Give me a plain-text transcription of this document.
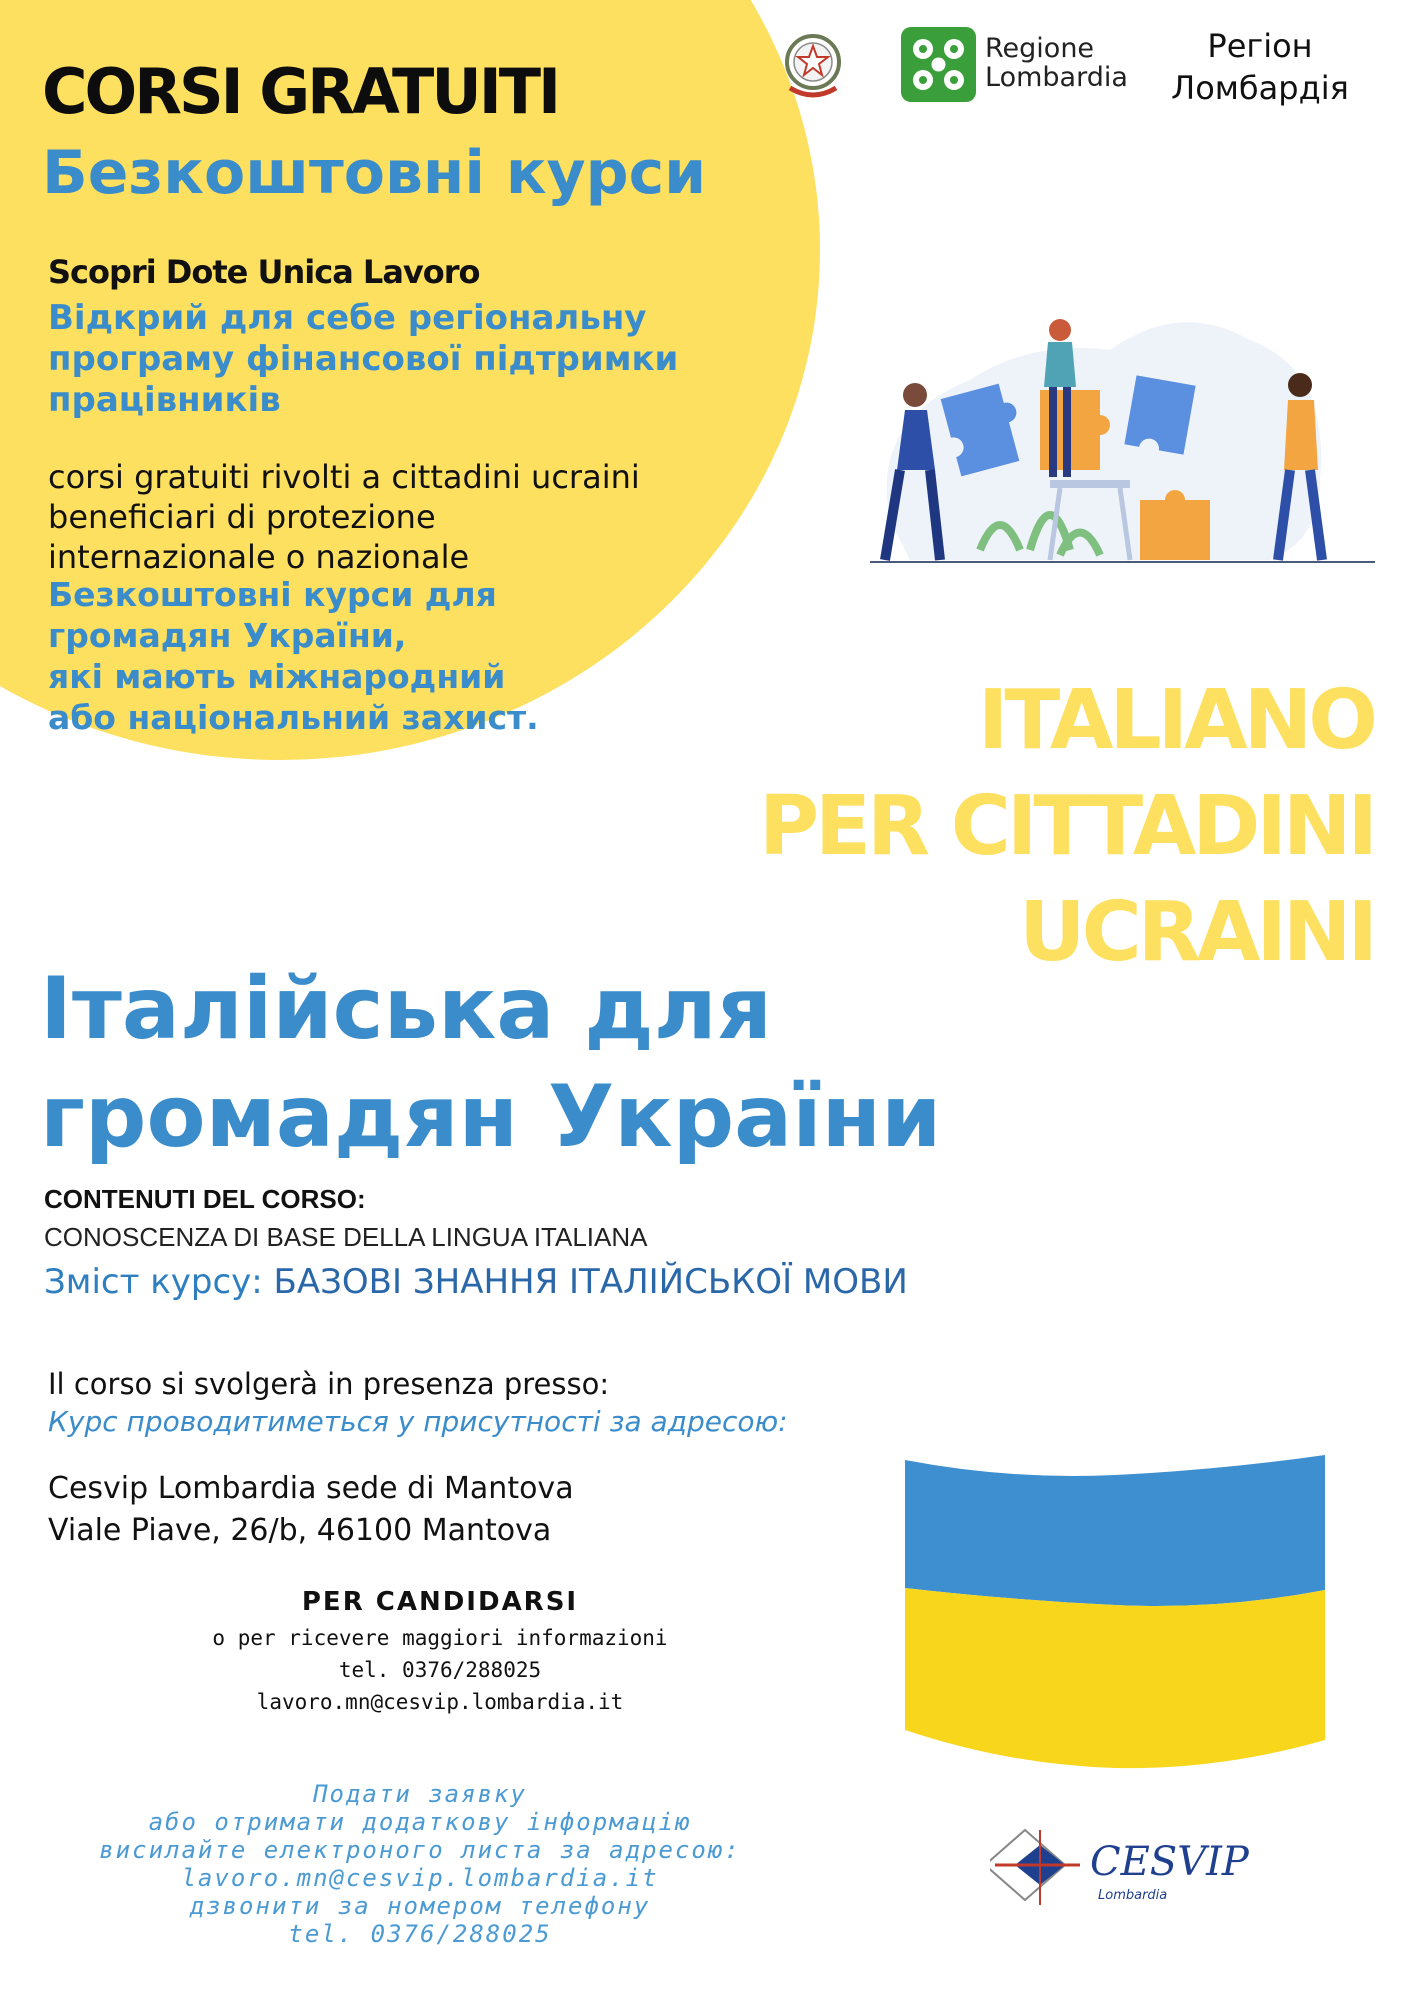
CORSI GRATUITI
Безкоштовні курси
Scopri Dote Unica Lavoro
Відкрий для себе регіональну
програму фінансової підтримки
працівників
corsi gratuiti rivolti a cittadini ucraini
beneficiari di protezione
internazionale o nazionale
Безкоштовні курси для
громадян України,
які мають міжнародний
або національний захист.
Regione
Lombardia
Регіон
Ломбардія
ITALIANO
PER CITTADINI
UCRAINI
Італійська для
громадян України
CONTENUTI DEL CORSO:
CONOSCENZA DI BASE DELLA LINGUA ITALIANA
Зміст курсу: БАЗОВІ ЗНАННЯ ІТАЛІЙСЬКОЇ МОВИ
Il corso si svolgerà in presenza presso:
Курс проводитиметься у присутності за адресою:
Cesvip Lombardia sede di Mantova
Viale Piave, 26/b, 46100 Mantova
PER CANDIDARSI
o per ricevere maggiori informazioni
tel. 0376/288025
lavoro.mn@cesvip.lombardia.it
Подати заявку
або отримати додаткову інформацію
висилайте електроного листа за адресою:
lavoro.mn@cesvip.lombardia.it
дзвонити за номером телефону
tel. 0376/288025
CESVIP
Lombardia
